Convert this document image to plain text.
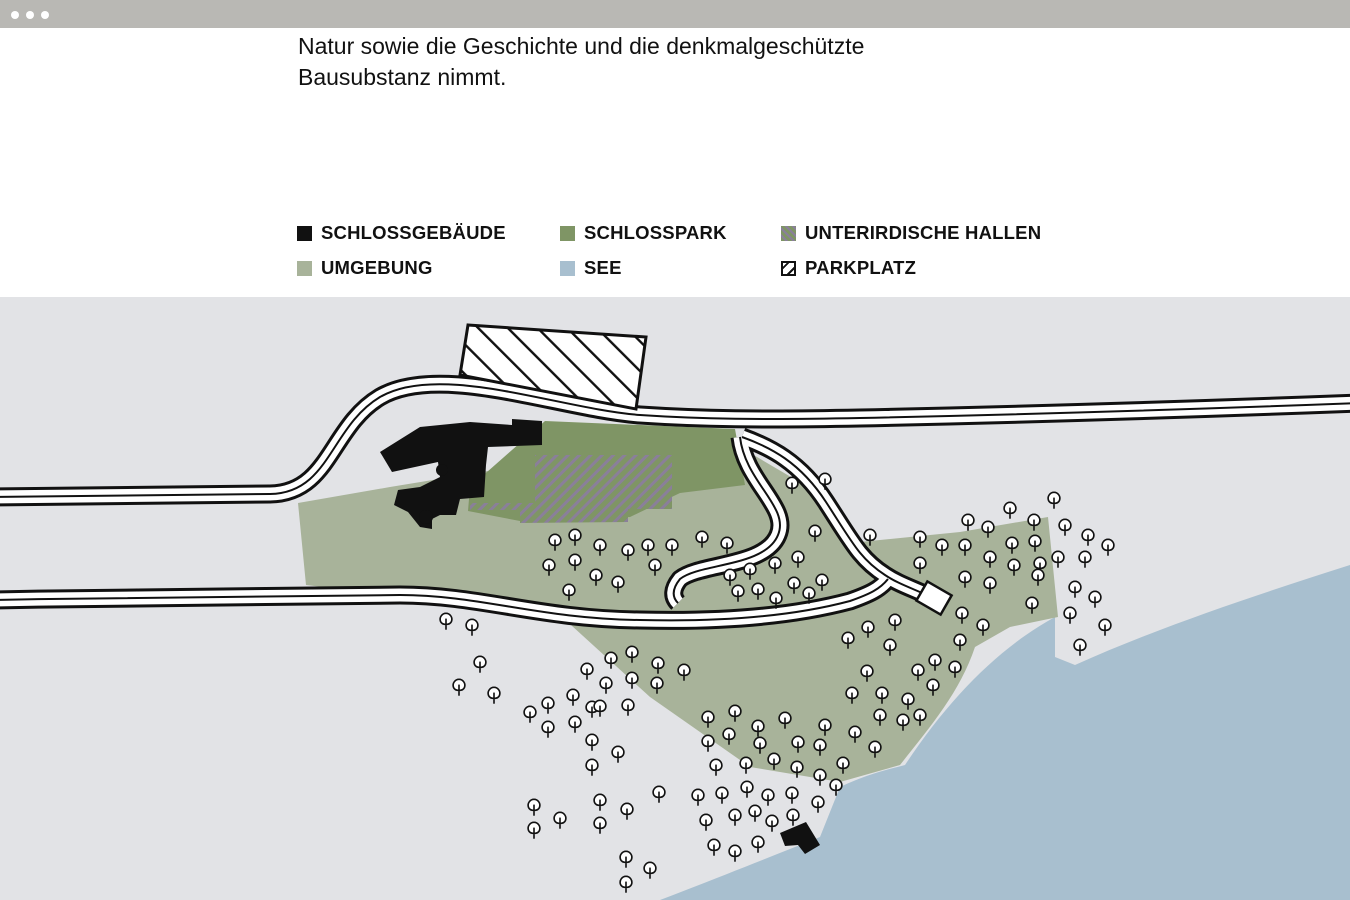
Natur sowie die Geschichte und die denkmalgeschützte
Bausubstanz nimmt.

SCHLOSSGEBÄUDE	SCHLOSSPARK	UNTERIRDISCHE HALLEN
UMGEBUNG	SEE	PARKPLATZ
